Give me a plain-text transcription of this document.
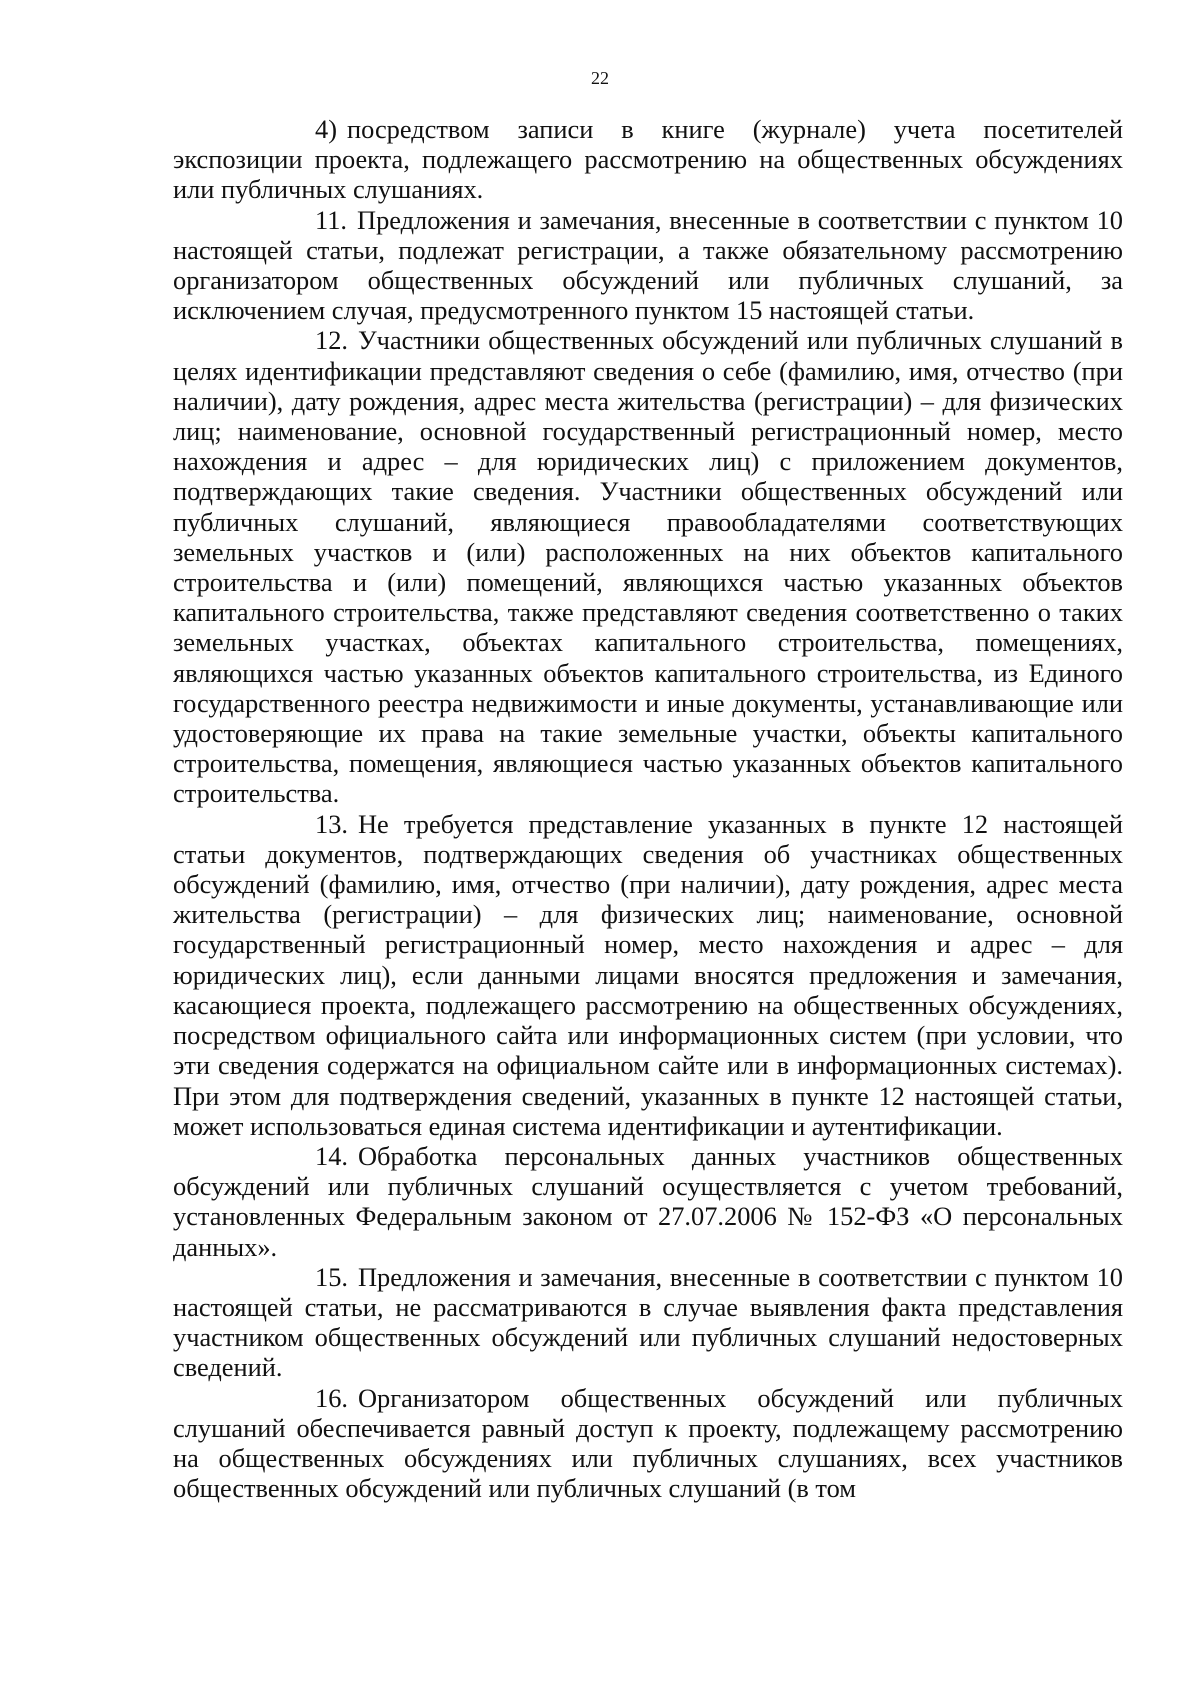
22

4) посредством записи в книге (журнале) учета посетителей экспозиции проекта, подлежащего рассмотрению на общественных обсуждениях или публичных слушаниях.

11. Предложения и замечания, внесенные в соответствии с пунктом 10 настоящей статьи, подлежат регистрации, а также обязательному рассмотрению организатором общественных обсуждений или публичных слушаний, за исключением случая, предусмотренного пунктом 15 настоящей статьи.

12. Участники общественных обсуждений или публичных слушаний в целях идентификации представляют сведения о себе (фамилию, имя, отчество (при наличии), дату рождения, адрес места жительства (регистрации) – для физических лиц; наименование, основной государственный регистрационный номер, место нахождения и адрес – для юридических лиц) с приложением документов, подтверждающих такие сведения. Участники общественных обсуждений или публичных слушаний, являющиеся правообладателями соответствующих земельных участков и (или) расположенных на них объектов капитального строительства и (или) помещений, являющихся частью указанных объектов капитального строительства, также представляют сведения соответственно о таких земельных участках, объектах капитального строительства, помещениях, являющихся частью указанных объектов капитального строительства, из Единого государственного реестра недвижимости и иные документы, устанавливающие или удостоверяющие их права на такие земельные участки, объекты капитального строительства, помещения, являющиеся частью указанных объектов капитального строительства.

13. Не требуется представление указанных в пункте 12 настоящей статьи документов, подтверждающих сведения об участниках общественных обсуждений (фамилию, имя, отчество (при наличии), дату рождения, адрес места жительства (регистрации) – для физических лиц; наименование, основной государственный регистрационный номер, место нахождения и адрес – для юридических лиц), если данными лицами вносятся предложения и замечания, касающиеся проекта, подлежащего рассмотрению на общественных обсуждениях, посредством официального сайта или информационных систем (при условии, что эти сведения содержатся на официальном сайте или в информационных системах). При этом для подтверждения сведений, указанных в пункте 12 настоящей статьи, может использоваться единая система идентификации и аутентификации.

14. Обработка персональных данных участников общественных обсуждений или публичных слушаний осуществляется с учетом требований, установленных Федеральным законом от 27.07.2006 № 152-ФЗ «О персональных данных».

15. Предложения и замечания, внесенные в соответствии с пунктом 10 настоящей статьи, не рассматриваются в случае выявления факта представления участником общественных обсуждений или публичных слушаний недостоверных сведений.

16. Организатором общественных обсуждений или публичных слушаний обеспечивается равный доступ к проекту, подлежащему рассмотрению на общественных обсуждениях или публичных слушаниях, всех участников общественных обсуждений или публичных слушаний (в том
